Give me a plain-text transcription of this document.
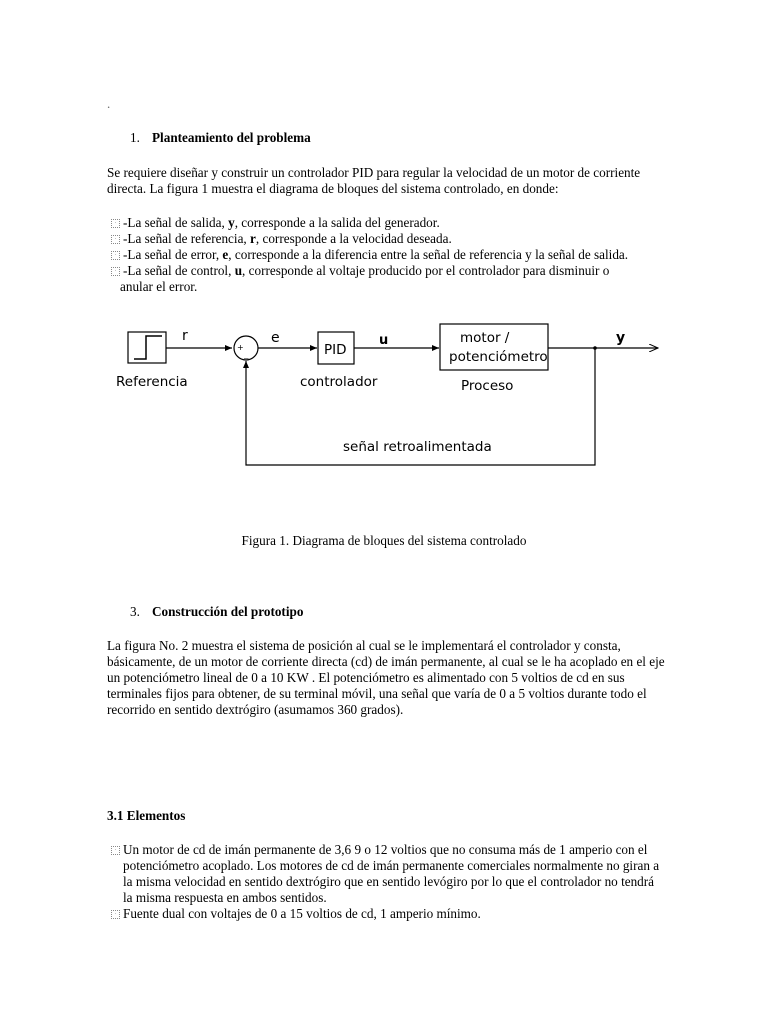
.
1. Planteamiento del problema
Se requiere diseñar y construir un controlador PID para regular la velocidad de un motor de corriente directa. La figura 1 muestra el diagrama de bloques del sistema controlado, en donde:
· -La señal de salida, y, corresponde a la salida del generador.
· -La señal de referencia, r, corresponde a la velocidad deseada.
· -La señal de error, e, corresponde a la diferencia entre la señal de referencia y la señal de salida.
· -La señal de control, u, corresponde al voltaje producido por el controlador para disminuir o
anular el error.
Referencia
r
+
_
e
PID
controlador
u	motor /
potenciómetro
Proceso
y
señal retroalimentada
Figura 1. Diagrama de bloques del sistema controlado
3. Construcción del prototipo
La figura No. 2 muestra el sistema de posición al cual se le implementará el controlador y consta, básicamente, de un motor de corriente directa (cd) de imán permanente, al cual se le ha acoplado en el eje un potenciómetro lineal de 0 a 10 KW . El potenciómetro es alimentado con 5 voltios de cd en sus terminales fijos para obtener, de su terminal móvil, una señal que varía de 0 a 5 voltios durante todo el recorrido en sentido dextrógiro (asumamos 360 grados).
3.1 Elementos
· Un motor de cd de imán permanente de 3,6 9 o 12 voltios que no consuma más de 1 amperio con el potenciómetro acoplado. Los motores de cd de imán permanente comerciales normalmente no giran a la misma velocidad en sentido dextrógiro que en sentido levógiro por lo que el controlador no tendrá la misma respuesta en ambos sentidos.
· Fuente dual con voltajes de 0 a 15 voltios de cd, 1 amperio mínimo.
